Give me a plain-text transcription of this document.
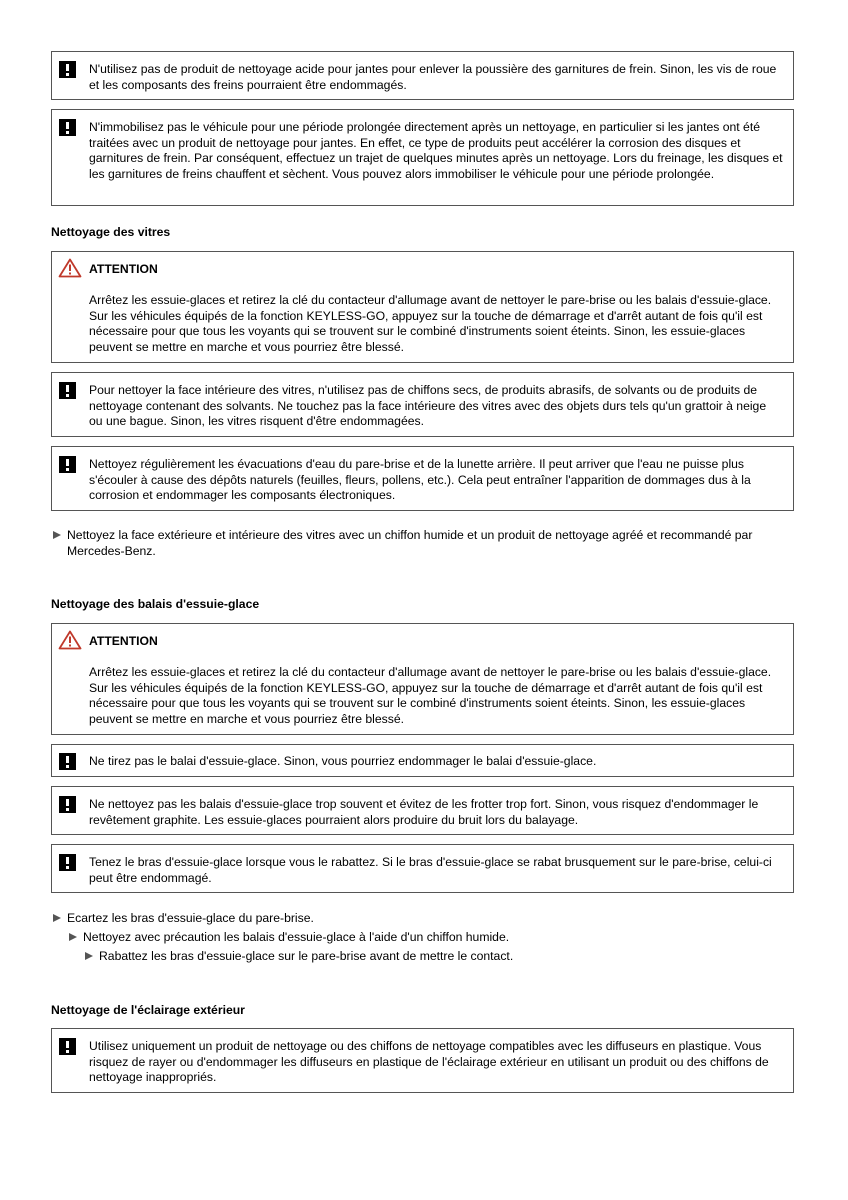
N'utilisez pas de produit de nettoyage acide pour jantes pour enlever la poussière des garnitures de frein. Sinon, les vis de roue et les composants des freins pourraient être endommagés.
N'immobilisez pas le véhicule pour une période prolongée directement après un nettoyage, en particulier si les jantes ont été traitées avec un produit de nettoyage pour jantes. En effet, ce type de produits peut accélérer la corrosion des disques et garnitures de frein. Par conséquent, effectuez un trajet de quelques minutes après un nettoyage. Lors du freinage, les disques et les garnitures de freins chauffent et sèchent. Vous pouvez alors immobiliser le véhicule pour une période prolongée.
Nettoyage des vitres
ATTENTION
Arrêtez les essuie-glaces et retirez la clé du contacteur d'allumage avant de nettoyer le pare-brise ou les balais d'essuie-glace. Sur les véhicules équipés de la fonction KEYLESS-GO, appuyez sur la touche de démarrage et d'arrêt autant de fois qu'il est nécessaire pour que tous les voyants qui se trouvent sur le combiné d'instruments soient éteints. Sinon, les essuie-glaces peuvent se mettre en marche et vous pourriez être blessé.
Pour nettoyer la face intérieure des vitres, n'utilisez pas de chiffons secs, de produits abrasifs, de solvants ou de produits de nettoyage contenant des solvants. Ne touchez pas la face intérieure des vitres avec des objets durs tels qu'un grattoir à neige ou une bague. Sinon, les vitres risquent d'être endommagées.
Nettoyez régulièrement les évacuations d'eau du pare-brise et de la lunette arrière. Il peut arriver que l'eau ne puisse plus s'écouler à cause des dépôts naturels (feuilles, fleurs, pollens, etc.). Cela peut entraîner l'apparition de dommages dus à la corrosion et endommager les composants électroniques.
Nettoyez la face extérieure et intérieure des vitres avec un chiffon humide et un produit de nettoyage agréé et recommandé par Mercedes-Benz.
Nettoyage des balais d'essuie-glace
ATTENTION
Arrêtez les essuie-glaces et retirez la clé du contacteur d'allumage avant de nettoyer le pare-brise ou les balais d'essuie-glace. Sur les véhicules équipés de la fonction KEYLESS-GO, appuyez sur la touche de démarrage et d'arrêt autant de fois qu'il est nécessaire pour que tous les voyants qui se trouvent sur le combiné d'instruments soient éteints. Sinon, les essuie-glaces peuvent se mettre en marche et vous pourriez être blessé.
Ne tirez pas le balai d'essuie-glace. Sinon, vous pourriez endommager le balai d'essuie-glace.
Ne nettoyez pas les balais d'essuie-glace trop souvent et évitez de les frotter trop fort. Sinon, vous risquez d'endommager le revêtement graphite. Les essuie-glaces pourraient alors produire du bruit lors du balayage.
Tenez le bras d'essuie-glace lorsque vous le rabattez. Si le bras d'essuie-glace se rabat brusquement sur le pare-brise, celui-ci peut être endommagé.
Ecartez les bras d'essuie-glace du pare-brise.
Nettoyez avec précaution les balais d'essuie-glace à l'aide d'un chiffon humide.
Rabattez les bras d'essuie-glace sur le pare-brise avant de mettre le contact.
Nettoyage de l'éclairage extérieur
Utilisez uniquement un produit de nettoyage ou des chiffons de nettoyage compatibles avec les diffuseurs en plastique. Vous risquez de rayer ou d'endommager les diffuseurs en plastique de l'éclairage extérieur en utilisant un produit ou des chiffons de nettoyage inappropriés.
